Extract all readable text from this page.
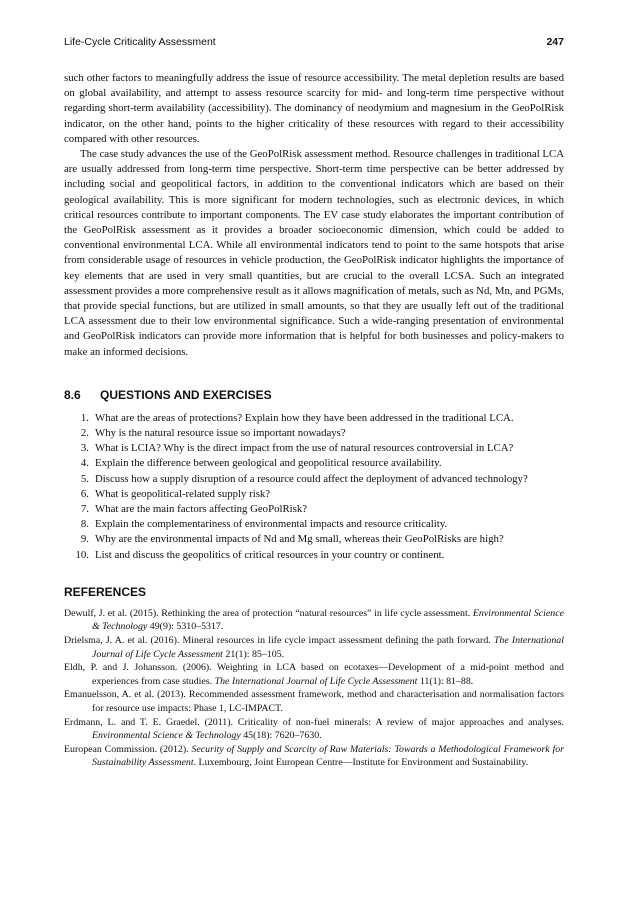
Life-Cycle Criticality Assessment	247

such other factors to meaningfully address the issue of resource accessibility. The metal depletion results are based on global availability, and attempt to assess resource scarcity for mid- and long-term time perspective without regarding short-term availability (accessibility). The dominancy of neodymium and magnesium in the GeoPolRisk indicator, on the other hand, points to the higher criticality of these resources with regard to their accessibility compared with other resources.

The case study advances the use of the GeoPolRisk assessment method. Resource challenges in traditional LCA are usually addressed from long-term time perspective. Short-term time perspective can be better addressed by including social and geopolitical factors, in addition to the conventional indicators which are based on their geological availability. This is more significant for modern technologies, such as electronic devices, in which critical resources contribute to important components. The EV case study elaborates the important contribution of the GeoPolRisk assessment as it provides a broader socioeconomic dimension, which could be added to conventional environmental LCA. While all environmental indicators tend to point to the same hotspots that arise from considerable usage of resources in vehicle production, the GeoPolRisk indicator highlights the importance of key elements that are used in very small quantities, but are crucial to the overall LCSA. Such an integrated assessment provides a more comprehensive result as it allows magnification of metals, such as Nd, Mn, and PGMs, that provide special functions, but are utilized in small amounts, so that they are usually left out of the traditional LCA assessment due to their low environmental significance. Such a wide-ranging presentation of environmental and GeoPolRisk indicators can provide more information that is helpful for both businesses and policy-makers to make an informed decisions.

8.6	QUESTIONS AND EXERCISES
1. What are the areas of protections? Explain how they have been addressed in the traditional LCA.
2. Why is the natural resource issue so important nowadays?
3. What is LCIA? Why is the direct impact from the use of natural resources controversial in LCA?
4. Explain the difference between geological and geopolitical resource availability.
5. Discuss how a supply disruption of a resource could affect the deployment of advanced technology?
6. What is geopolitical-related supply risk?
7. What are the main factors affecting GeoPolRisk?
8. Explain the complementariness of environmental impacts and resource criticality.
9. Why are the environmental impacts of Nd and Mg small, whereas their GeoPolRisks are high?
10. List and discuss the geopolitics of critical resources in your country or continent.
REFERENCES
Dewulf, J. et al. (2015). Rethinking the area of protection “natural resources” in life cycle assessment. Environmental Science & Technology 49(9): 5310–5317.
Drielsma, J. A. et al. (2016). Mineral resources in life cycle impact assessment defining the path forward. The International Journal of Life Cycle Assessment 21(1): 85–105.
Eldh, P. and J. Johansson. (2006). Weighting in LCA based on ecotaxes—Development of a mid-point method and experiences from case studies. The International Journal of Life Cycle Assessment 11(1): 81–88.
Emanuelsson, A. et al. (2013). Recommended assessment framework, method and characterisation and normalisation factors for resource use impacts: Phase 1, LC-IMPACT.
Erdmann, L. and T. E. Graedel. (2011). Criticality of non-fuel minerals: A review of major approaches and analyses. Environmental Science & Technology 45(18): 7620–7630.
European Commission. (2012). Security of Supply and Scarcity of Raw Materials: Towards a Methodological Framework for Sustainability Assessment. Luxembourg, Joint European Centre—Institute for Environment and Sustainability.
